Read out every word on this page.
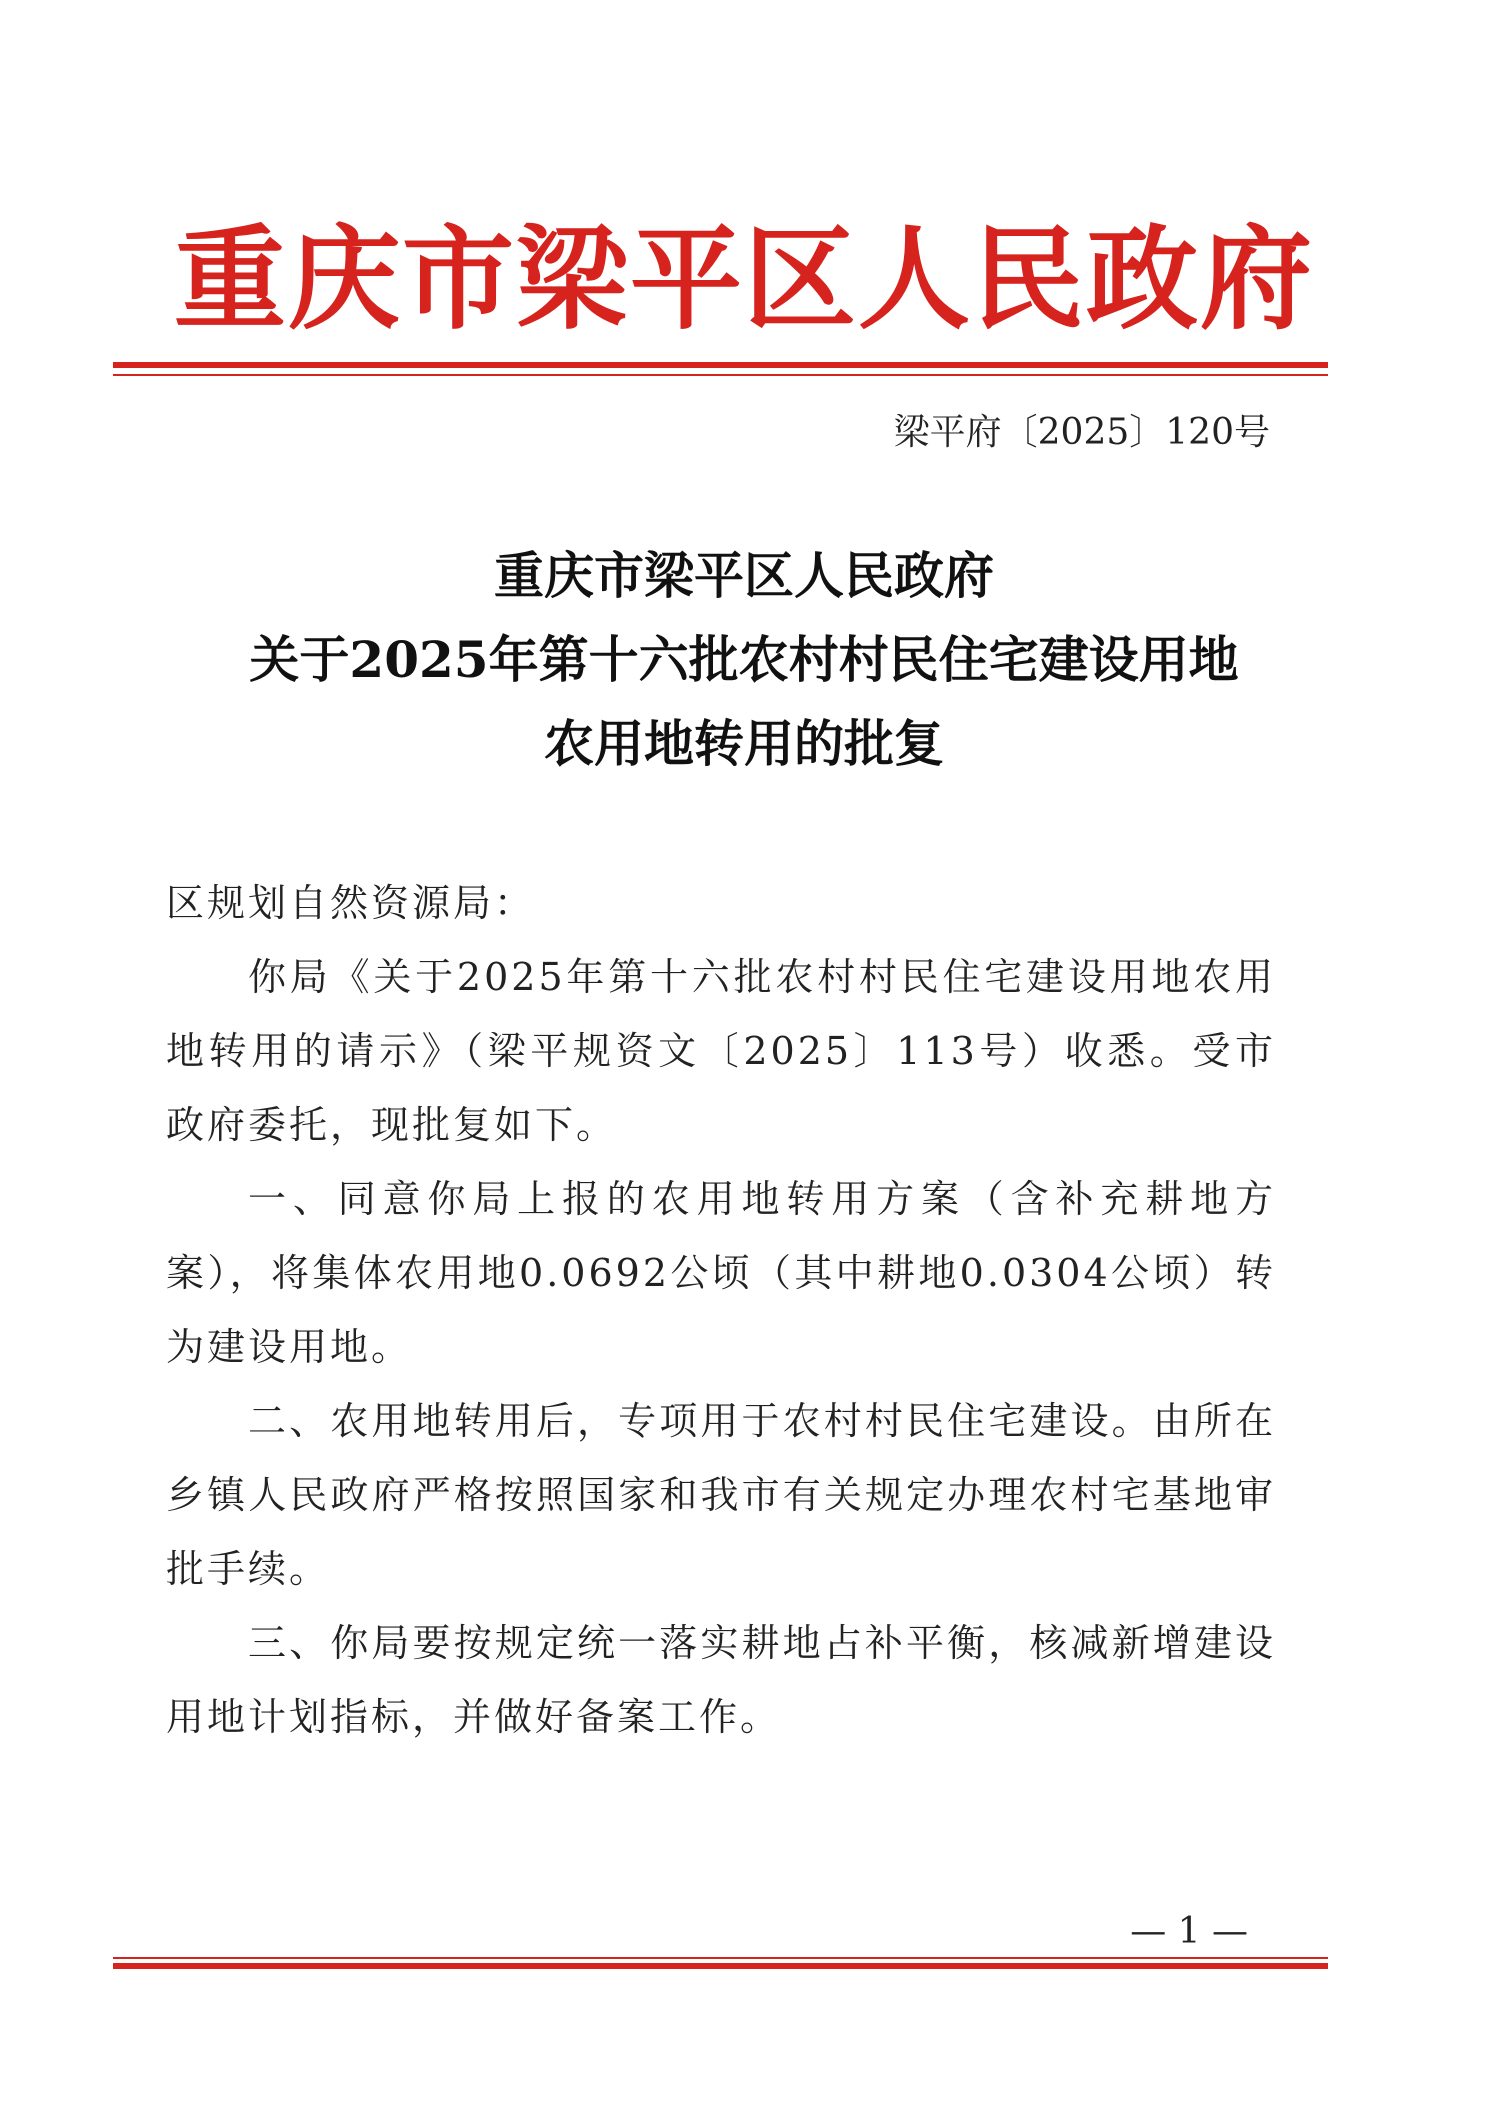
重庆市梁平区人民政府
梁平府〔2025〕120号
重庆市梁平区人民政府
关于2025年第十六批农村村民住宅建设用地
农用地转用的批复
区规划自然资源局：
你局《关于2025年第十六批农村村民住宅建设用地农用地转用的请示》（梁平规资文〔2025〕113号）收悉。受市政府委托，现批复如下。
一、同意你局上报的农用地转用方案（含补充耕地方案），将集体农用地0.0692公顷（其中耕地0.0304公顷）转为建设用地。
二、农用地转用后，专项用于农村村民住宅建设。由所在乡镇人民政府严格按照国家和我市有关规定办理农村宅基地审批手续。
三、你局要按规定统一落实耕地占补平衡，核减新增建设用地计划指标，并做好备案工作。
— 1 —
